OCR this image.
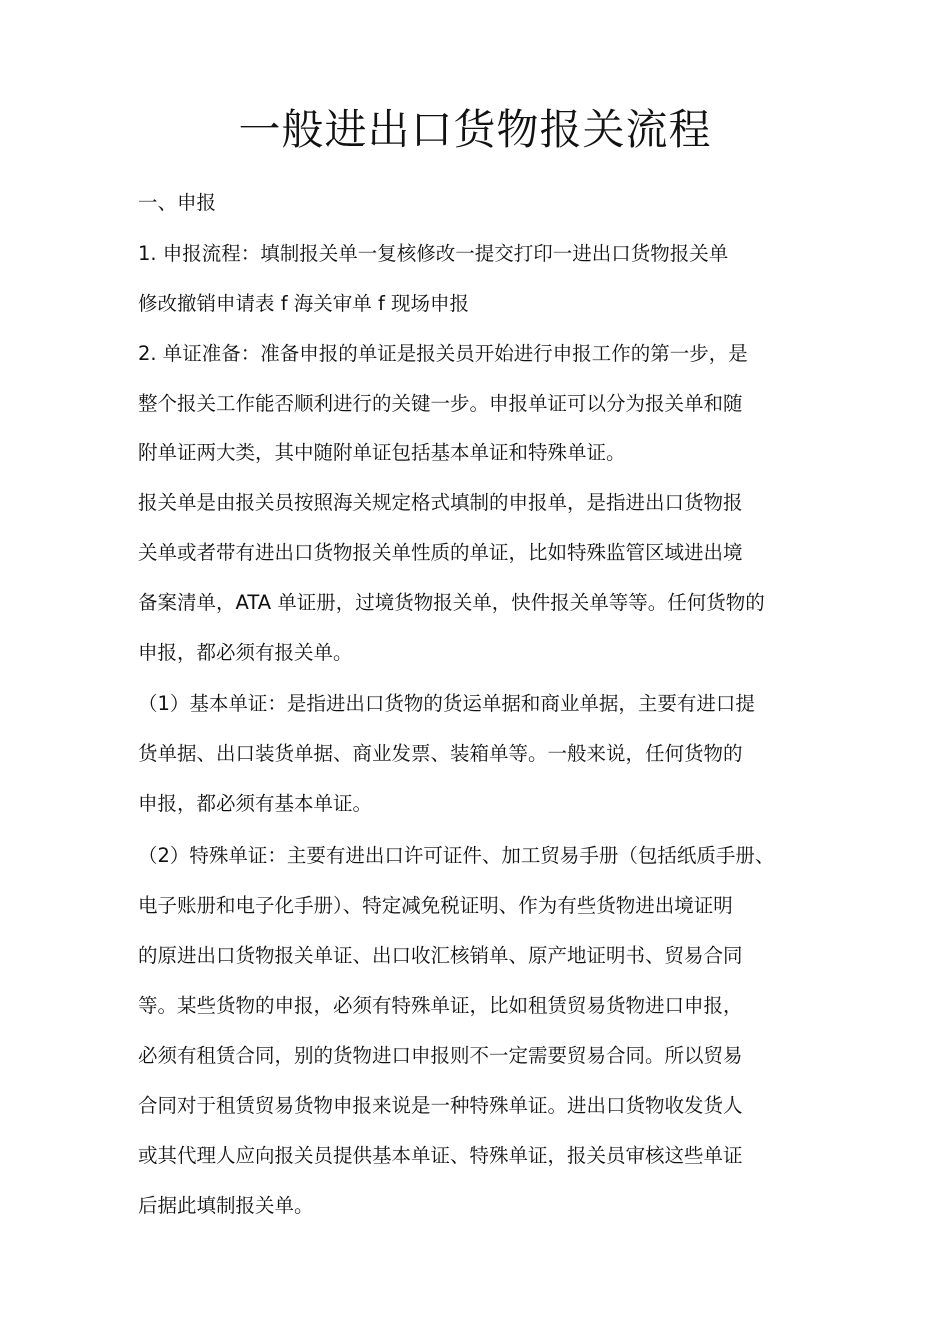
一般进出口货物报关流程

一、申报

1. 申报流程：填制报关单一复核修改一提交打印一进出口货物报关单

修改撤销申请表 f 海关审单 f 现场申报

2. 单证准备：准备申报的单证是报关员开始进行申报工作的第一步，是

整个报关工作能否顺利进行的关键一步。申报单证可以分为报关单和随

附单证两大类，其中随附单证包括基本单证和特殊单证。

报关单是由报关员按照海关规定格式填制的申报单，是指进出口货物报

关单或者带有进出口货物报关单性质的单证，比如特殊监管区域进出境

备案清单，ATA 单证册，过境货物报关单，快件报关单等等。任何货物的

申报，都必须有报关单。

（1）基本单证：是指进出口货物的货运单据和商业单据，主要有进口提

货单据、出口装货单据、商业发票、装箱单等。一般来说，任何货物的

申报，都必须有基本单证。

（2）特殊单证：主要有进出口许可证件、加工贸易手册（包括纸质手册、

电子账册和电子化手册）、特定减免税证明、作为有些货物进出境证明

的原进出口货物报关单证、出口收汇核销单、原产地证明书、贸易合同

等。某些货物的申报，必须有特殊单证，比如租赁贸易货物进口申报，

必须有租赁合同，别的货物进口申报则不一定需要贸易合同。所以贸易

合同对于租赁贸易货物申报来说是一种特殊单证。进出口货物收发货人

或其代理人应向报关员提供基本单证、特殊单证，报关员审核这些单证

后据此填制报关单。
